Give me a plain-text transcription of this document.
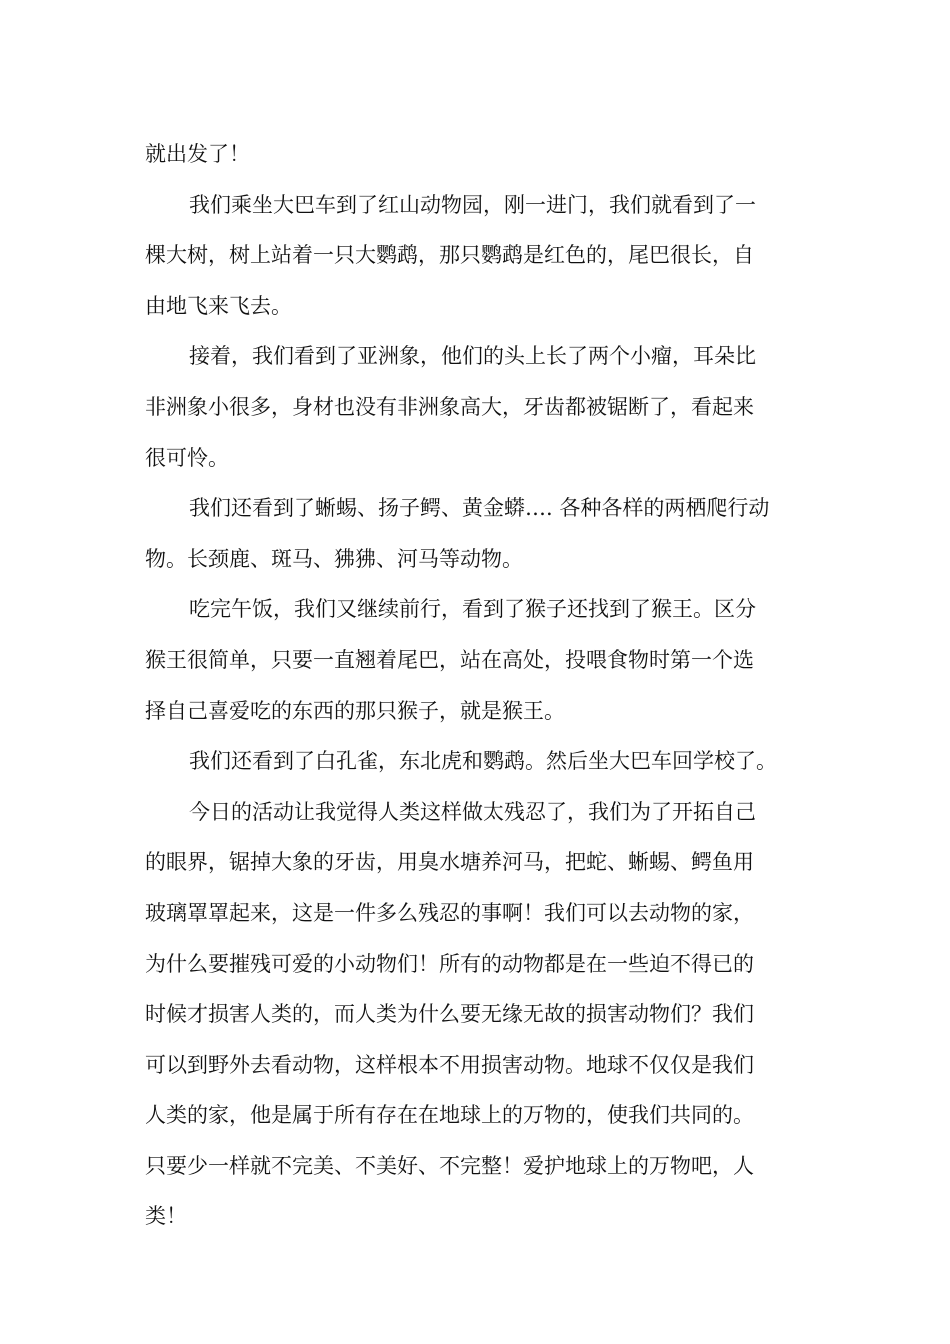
就出发了！
我们乘坐大巴车到了红山动物园，刚一进门，我们就看到了一
棵大树，树上站着一只大鹦鹉，那只鹦鹉是红色的，尾巴很长，自
由地飞来飞去。
接着，我们看到了亚洲象，他们的头上长了两个小瘤，耳朵比
非洲象小很多，身材也没有非洲象高大，牙齿都被锯断了，看起来
很可怜。
我们还看到了蜥蜴、扬子鳄、黄金蟒…. 各种各样的两栖爬行动
物。长颈鹿、斑马、狒狒、河马等动物。
吃完午饭，我们又继续前行，看到了猴子还找到了猴王。区分
猴王很简单，只要一直翘着尾巴，站在高处，投喂食物时第一个选
择自己喜爱吃的东西的那只猴子，就是猴王。
我们还看到了白孔雀，东北虎和鹦鹉。然后坐大巴车回学校了。
今日的活动让我觉得人类这样做太残忍了，我们为了开拓自己
的眼界，锯掉大象的牙齿，用臭水塘养河马，把蛇、蜥蜴、鳄鱼用
玻璃罩罩起来，这是一件多么残忍的事啊！我们可以去动物的家，
为什么要摧残可爱的小动物们！所有的动物都是在一些迫不得已的
时候才损害人类的，而人类为什么要无缘无故的损害动物们？我们
可以到野外去看动物，这样根本不用损害动物。地球不仅仅是我们
人类的家，他是属于所有存在在地球上的万物的，使我们共同的。
只要少一样就不完美、不美好、不完整！爱护地球上的万物吧，人
类！
